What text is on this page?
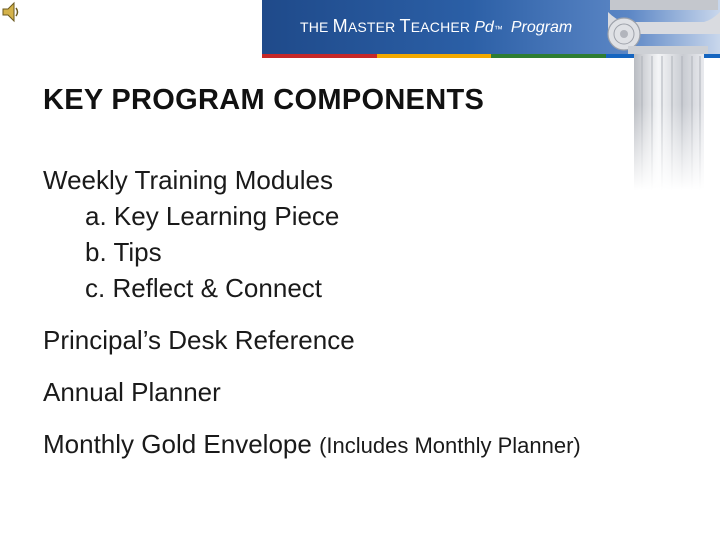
THE MASTER TEACHER Pd™ Program
KEY PROGRAM COMPONENTS
Weekly Training Modules
a. Key Learning Piece
b. Tips
c. Reflect & Connect
Principal’s Desk Reference
Annual Planner
Monthly Gold Envelope (Includes Monthly Planner)
